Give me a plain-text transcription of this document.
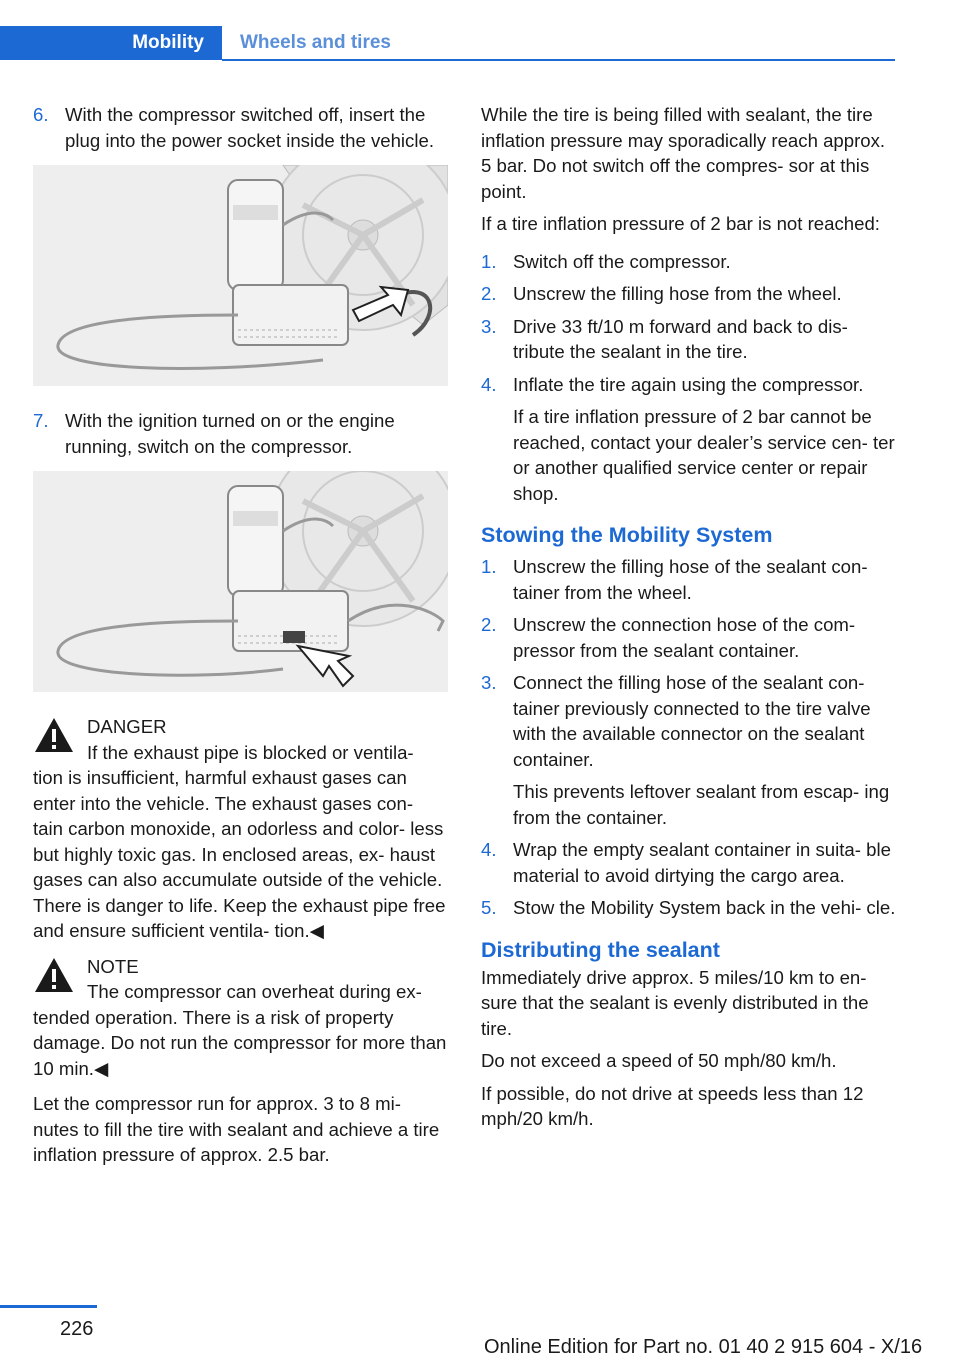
Mobility Wheels and tires
6. With the compressor switched off, insert the plug into the power socket inside the vehicle.
7. With the ignition turned on or the engine running, switch on the compressor.
DANGER
If the exhaust pipe is blocked or ventila‑
tion is insufficient, harmful exhaust gases can enter into the vehicle. The exhaust gases con‑ tain carbon monoxide, an odorless and color‑ less but highly toxic gas. In enclosed areas, ex‑ haust gases can also accumulate outside of the vehicle. There is danger to life. Keep the exhaust pipe free and ensure sufficient ventila‑ tion.◀
NOTE
The compressor can overheat during ex‑
tended operation. There is a risk of property damage. Do not run the compressor for more than 10 min.◀

Let the compressor run for approx. 3 to 8 mi‑ nutes to fill the tire with sealant and achieve a tire inflation pressure of approx. 2.5 bar.

While the tire is being filled with sealant, the tire inflation pressure may sporadically reach approx. 5 bar. Do not switch off the compres‑ sor at this point.

If a tire inflation pressure of 2 bar is not reached:

1. Switch off the compressor.
2. Unscrew the filling hose from the wheel.
3. Drive 33 ft/10 m forward and back to dis‑ tribute the sealant in the tire.
4. Inflate the tire again using the compressor.
If a tire inflation pressure of 2 bar cannot be reached, contact your dealer’s service cen‑ ter or another qualified service center or repair shop.
Stowing the Mobility System
1. Unscrew the filling hose of the sealant con‑ tainer from the wheel.
2. Unscrew the connection hose of the com‑ pressor from the sealant container.
3. Connect the filling hose of the sealant con‑ tainer previously connected to the tire valve with the available connector on the sealant container.
This prevents leftover sealant from escap‑ ing from the container.
4. Wrap the empty sealant container in suita‑ ble material to avoid dirtying the cargo area.
5. Stow the Mobility System back in the vehi‑ cle.
Distributing the sealant

Immediately drive approx. 5 miles/10 km to en‑ sure that the sealant is evenly distributed in the tire.

Do not exceed a speed of 50 mph/80 km/h.

If possible, do not drive at speeds less than 12 mph/20 km/h.

226
Online Edition for Part no. 01 40 2 915 604 - X/16
